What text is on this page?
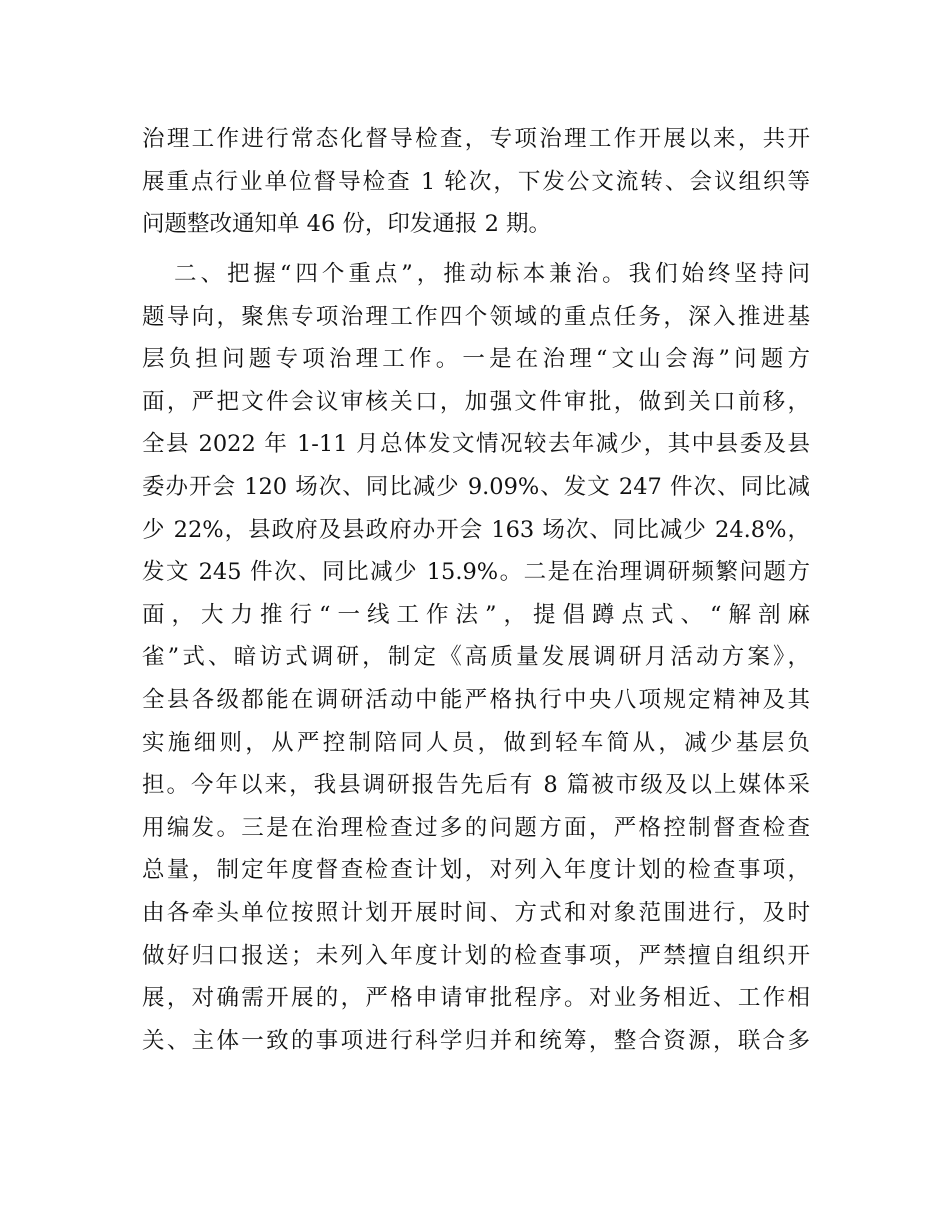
治理工作进行常态化督导检查，专项治理工作开展以来，共开
展重点行业单位督导检查 1 轮次，下发公文流转、会议组织等
问题整改通知单 46 份，印发通报 2 期。
二、把握“四个重点”，推动标本兼治。我们始终坚持问
题导向，聚焦专项治理工作四个领域的重点任务，深入推进基
层负担问题专项治理工作。一是在治理“文山会海”问题方
面，严把文件会议审核关口，加强文件审批，做到关口前移，
全县 2022 年 1-11 月总体发文情况较去年减少，其中县委及县
委办开会 120 场次、同比减少 9.09%、发文 247 件次、同比减
少 22%，县政府及县政府办开会 163 场次、同比减少 24.8%，
发文 245 件次、同比减少 15.9%。二是在治理调研频繁问题方
面，大力推行“一线工作法”，提倡蹲点式、“解剖麻
雀”式、暗访式调研，制定《高质量发展调研月活动方案》，
全县各级都能在调研活动中能严格执行中央八项规定精神及其
实施细则，从严控制陪同人员，做到轻车简从，减少基层负
担。今年以来，我县调研报告先后有 8 篇被市级及以上媒体采
用编发。三是在治理检查过多的问题方面，严格控制督查检查
总量，制定年度督查检查计划，对列入年度计划的检查事项，
由各牵头单位按照计划开展时间、方式和对象范围进行，及时
做好归口报送；未列入年度计划的检查事项，严禁擅自组织开
展，对确需开展的，严格申请审批程序。对业务相近、工作相
关、主体一致的事项进行科学归并和统筹，整合资源，联合多
